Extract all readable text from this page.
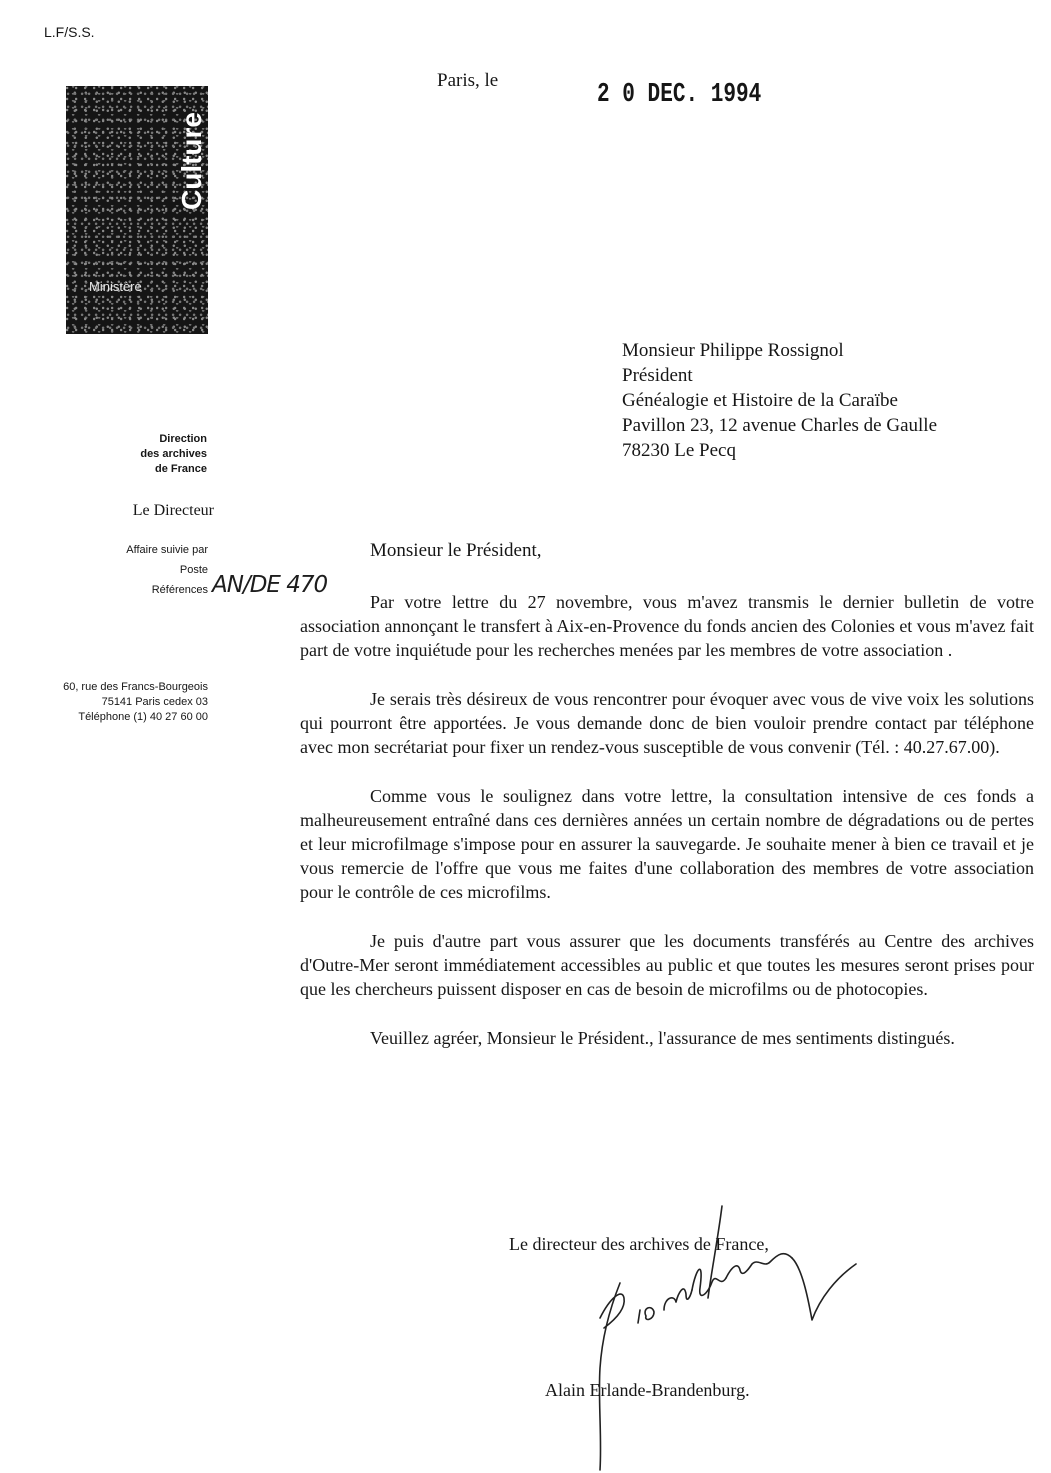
L.F/S.S.
Paris, le	2 0 DEC. 1994
Culture Francophonie
Ministère
Direction
des archives
de France
Le Directeur
Affaire suivie par
Poste
Références AN/DE 470
60, rue des Francs-Bourgeois
75141 Paris cedex 03
Téléphone (1) 40 27 60 00
Monsieur Philippe Rossignol
Président
Généalogie et Histoire de la Caraïbe
Pavillon 23, 12 avenue Charles de Gaulle
78230 Le Pecq
Monsieur le Président,

Par votre lettre du 27 novembre, vous m'avez transmis le dernier bulletin de votre association annonçant le transfert à Aix-en-Provence du fonds ancien des Colonies et vous m'avez fait part de votre inquiétude pour les recherches menées par les membres de votre association .

Je serais très désireux de vous rencontrer pour évoquer avec vous de vive voix les solutions qui pourront être apportées. Je vous demande donc de bien vouloir prendre contact par téléphone avec mon secrétariat pour fixer un rendez-vous susceptible de vous convenir (Tél. : 40.27.67.00).

Comme vous le soulignez dans votre lettre, la consultation intensive de ces fonds a malheureusement entraîné dans ces dernières années un certain nombre de dégradations ou de pertes et leur microfilmage s'impose pour en assurer la sauvegarde. Je souhaite mener à bien ce travail et je vous remercie de l'offre que vous me faites d'une collaboration des membres de votre association pour le contrôle de ces microfilms.

Je puis d'autre part vous assurer que les documents transférés au Centre des archives d'Outre-Mer seront immédiatement accessibles au public et que toutes les mesures seront prises pour que les chercheurs puissent disposer en cas de besoin de microfilms ou de photocopies.

Veuillez agréer, Monsieur le Président., l'assurance de mes sentiments distingués.

Le directeur des archives de France,
Alain Erlande-Brandenburg.
